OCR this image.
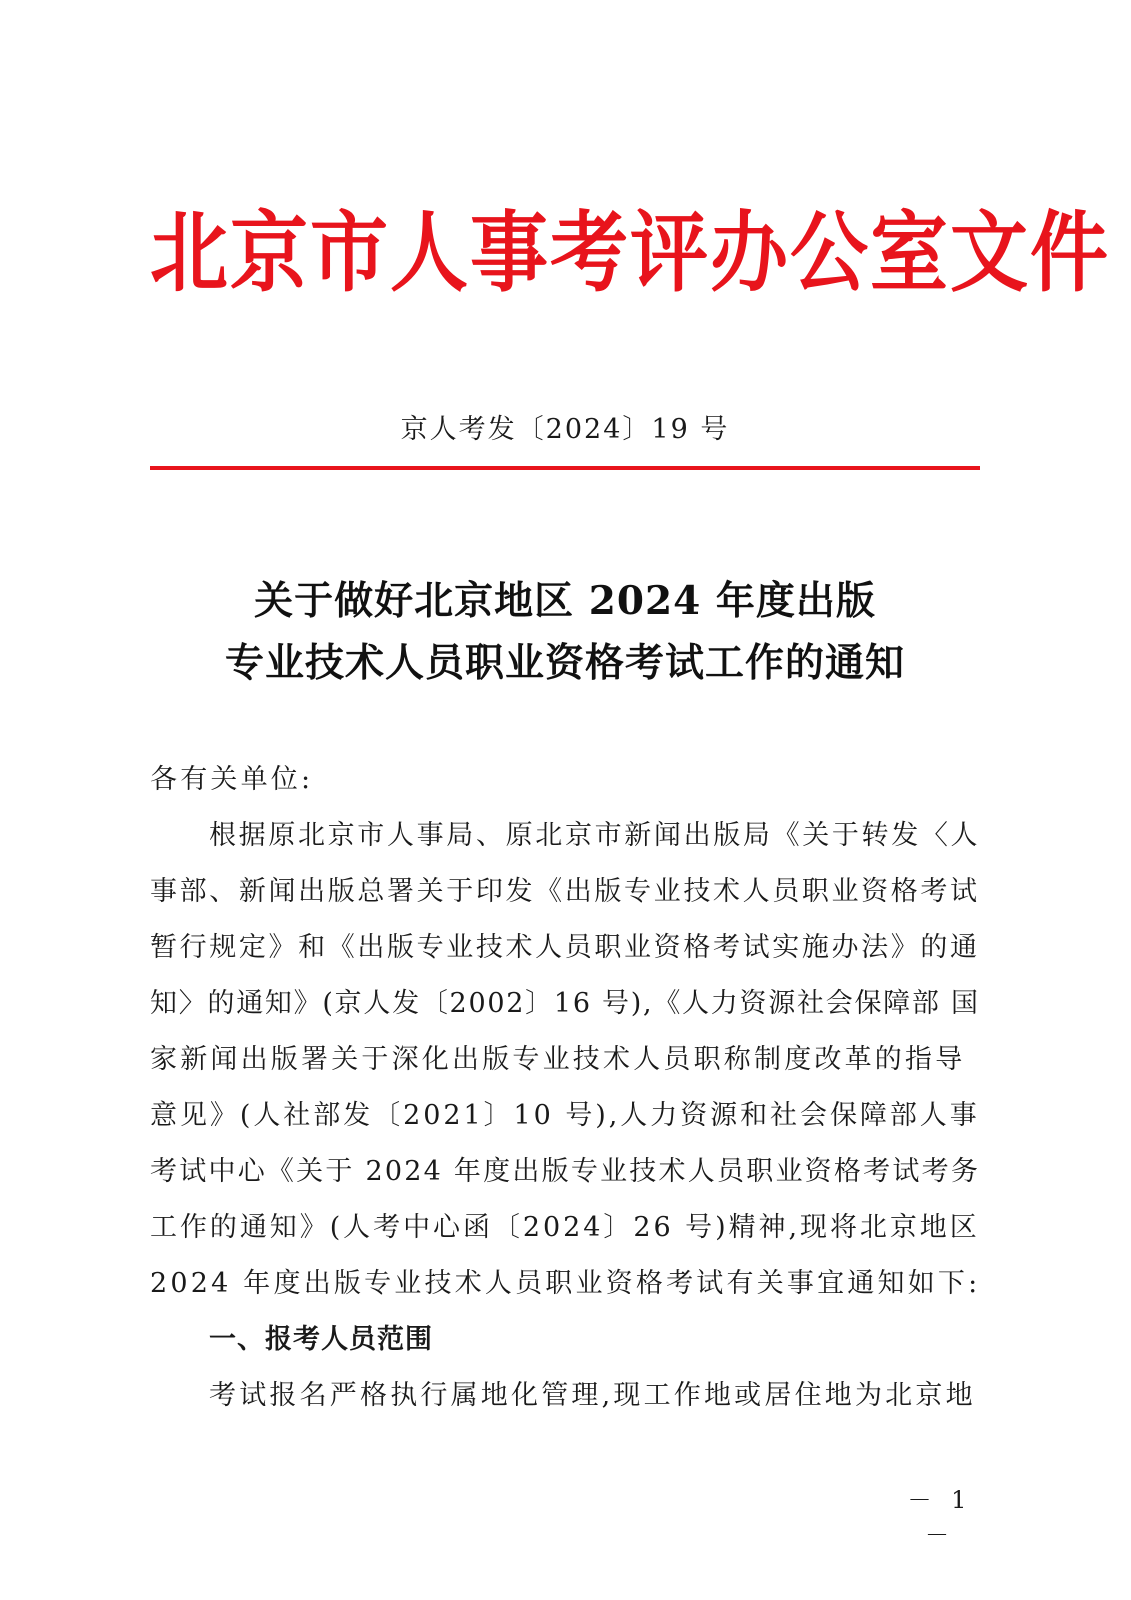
北京市人事考评办公室文件
京人考发〔2024〕19 号
关于做好北京地区 2024 年度出版
专业技术人员职业资格考试工作的通知
各有关单位:
根据原北京市人事局、原北京市新闻出版局《关于转发〈人
事部、新闻出版总署关于印发《出版专业技术人员职业资格考试
暂行规定》和《出版专业技术人员职业资格考试实施办法》的通
知〉的通知》(京人发〔2002〕16 号),《人力资源社会保障部 国
家新闻出版署关于深化出版专业技术人员职称制度改革的指导
意见》(人社部发〔2021〕10 号),人力资源和社会保障部人事
考试中心《关于 2024 年度出版专业技术人员职业资格考试考务
工作的通知》(人考中心函〔2024〕26 号)精神,现将北京地区
2024 年度出版专业技术人员职业资格考试有关事宜通知如下:
一、报考人员范围
考试报名严格执行属地化管理,现工作地或居住地为北京地
－ 1 －
